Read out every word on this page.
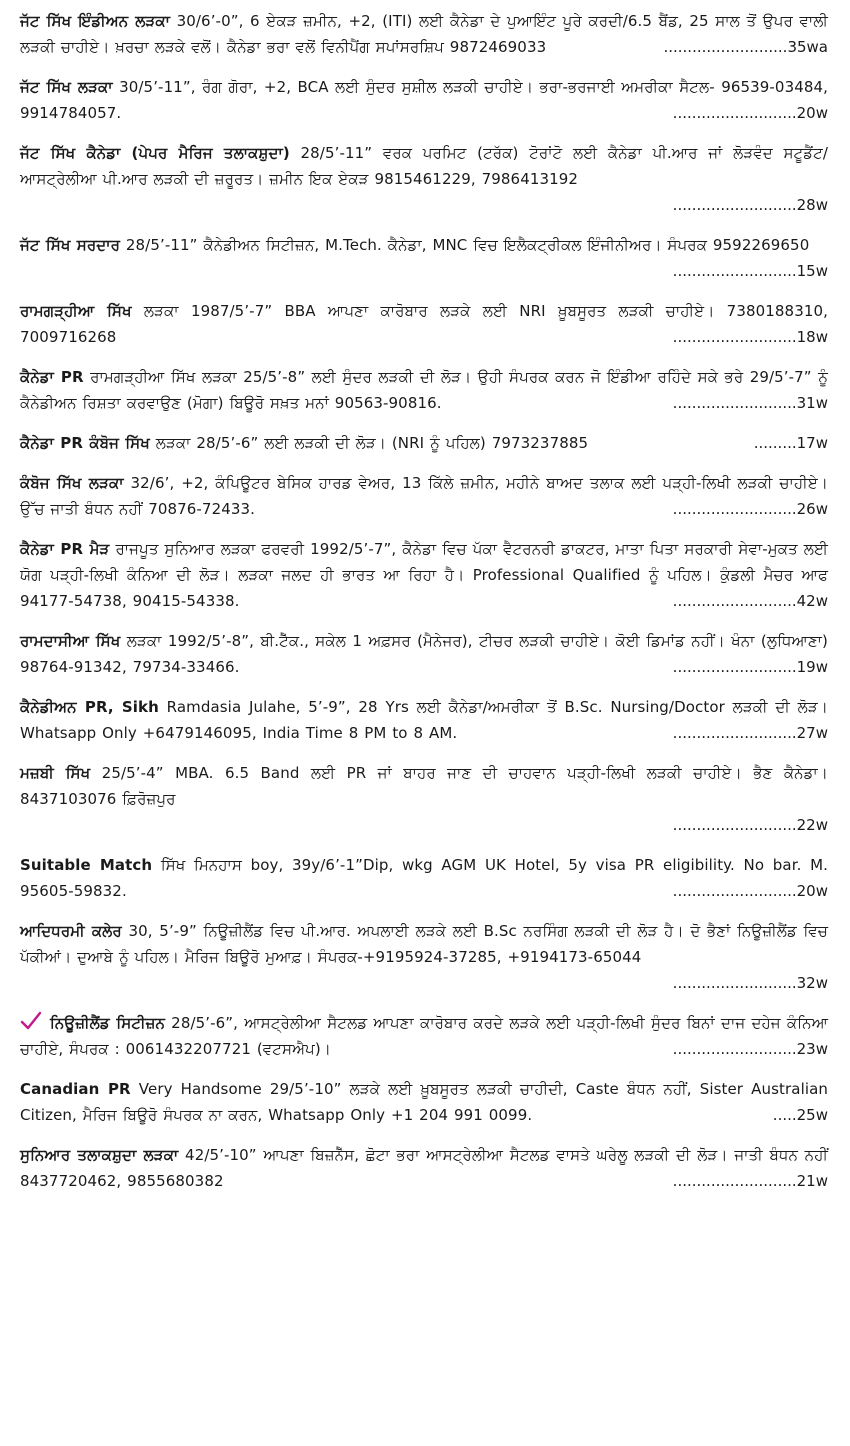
ਜੱਟ ਸਿੱਖ ਇੰਡੀਅਨ ਲੜਕਾ 30/6’-0”, 6 ਏਕੜ ਜ਼ਮੀਨ, +2, (ITI) ਲਈ ਕੈਨੇਡਾ ਦੇ ਪੁਆਇੰਟ ਪੂਰੇ ਕਰਦੀ/6.5 ਬੈਂਡ, 25 ਸਾਲ ਤੋਂ ਉਪਰ ਵਾਲੀ ਲੜਕੀ ਚਾਹੀਏ। ਖ਼ਰਚਾ ਲੜਕੇ ਵਲੋਂ। ਕੈਨੇਡਾ ਭਰਾ ਵਲੋਂ ਵਿਨੀਪੈਂਗ ਸਪਾਂਸਰਸ਼ਿਪ 9872469033	..........................35wa
ਜੱਟ ਸਿੱਖ ਲੜਕਾ 30/5’-11”, ਰੰਗ ਗੋਰਾ, +2, BCA ਲਈ ਸੁੰਦਰ ਸੁਸ਼ੀਲ ਲੜਕੀ ਚਾਹੀਏ। ਭਰਾ-ਭਰਜਾਈ ਅਮਰੀਕਾ ਸੈਟਲ- 96539-03484, 9914784057.	..........................20w
ਜੱਟ ਸਿੱਖ ਕੈਨੇਡਾ (ਪੇਪਰ ਮੈਰਿਜ ਤਲਾਕਸ਼ੁਦਾ) 28/5’-11” ਵਰਕ ਪਰਮਿਟ (ਟਰੱਕ) ਟੋਰਾਂਟੋ ਲਈ ਕੈਨੇਡਾ ਪੀ.ਆਰ ਜਾਂ ਲੋੜਵੰਦ ਸਟੂਡੈਂਟ/ ਆਸਟ੍ਰੇਲੀਆ ਪੀ.ਆਰ ਲੜਕੀ ਦੀ ਜ਼ਰੂਰਤ। ਜ਼ਮੀਨ ਇਕ ਏਕੜ 9815461229, 7986413192
..........................28w
ਜੱਟ ਸਿੱਖ ਸਰਦਾਰ 28/5’-11” ਕੈਨੇਡੀਅਨ ਸਿਟੀਜ਼ਨ, M.Tech. ਕੈਨੇਡਾ, MNC ਵਿਚ ਇਲੈਕਟ੍ਰੀਕਲ ਇੰਜੀਨੀਅਰ। ਸੰਪਰਕ 9592269650
..........................15w
ਰਾਮਗੜ੍ਹੀਆ ਸਿੱਖ ਲੜਕਾ 1987/5’-7” BBA ਆਪਣਾ ਕਾਰੋਬਾਰ ਲੜਕੇ ਲਈ NRI ਖ਼ੂਬਸੂਰਤ ਲੜਕੀ ਚਾਹੀਏ। 7380188310, 7009716268	..........................18w
ਕੈਨੇਡਾ PR ਰਾਮਗੜ੍ਹੀਆ ਸਿੱਖ ਲੜਕਾ 25/5’-8” ਲਈ ਸੁੰਦਰ ਲੜਕੀ ਦੀ ਲੋੜ। ਉਹੀ ਸੰਪਰਕ ਕਰਨ ਜੋ ਇੰਡੀਆ ਰਹਿੰਦੇ ਸਕੇ ਭਰੇ 29/5’-7” ਨੂੰ ਕੈਨੇਡੀਅਨ ਰਿਸ਼ਤਾ ਕਰਵਾਉਣ (ਮੋਗਾ) ਬਿਊਰੋ ਸਖ਼ਤ ਮਨਾਂ 90563-90816.	..........................31w
ਕੈਨੇਡਾ PR ਕੰਬੋਜ ਸਿੱਖ ਲੜਕਾ 28/5’-6” ਲਈ ਲੜਕੀ ਦੀ ਲੋੜ। (NRI ਨੂੰ ਪਹਿਲ) 7973237885	.........17w
ਕੰਬੋਜ ਸਿੱਖ ਲੜਕਾ 32/6’, +2, ਕੰਪਿਊਟਰ ਬੇਸਿਕ ਹਾਰਡ ਵੇਅਰ, 13 ਕਿੱਲੇ ਜ਼ਮੀਨ, ਮਹੀਨੇ ਬਾਅਦ ਤਲਾਕ ਲਈ ਪੜ੍ਹੀ-ਲਿਖੀ ਲੜਕੀ ਚਾਹੀਏ। ਉੱਚ ਜਾਤੀ ਬੰਧਨ ਨਹੀਂ 70876-72433.	..........................26w
ਕੈਨੇਡਾ PR ਮੈੜ ਰਾਜਪੂਤ ਸੁਨਿਆਰ ਲੜਕਾ ਫਰਵਰੀ 1992/5’-7”, ਕੈਨੇਡਾ ਵਿਚ ਪੱਕਾ ਵੈਟਰਨਰੀ ਡਾਕਟਰ, ਮਾਤਾ ਪਿਤਾ ਸਰਕਾਰੀ ਸੇਵਾ-ਮੁਕਤ ਲਈ ਯੋਗ ਪੜ੍ਹੀ-ਲਿਖੀ ਕੰਨਿਆ ਦੀ ਲੋੜ। ਲੜਕਾ ਜਲਦ ਹੀ ਭਾਰਤ ਆ ਰਿਹਾ ਹੈ। Professional Qualified ਨੂੰ ਪਹਿਲ। ਕੁੰਡਲੀ ਮੈਚਰ ਆਫ 94177-54738, 90415-54338.	..........................42w
ਰਾਮਦਾਸੀਆ ਸਿੱਖ ਲੜਕਾ 1992/5’-8”, ਬੀ.ਟੈੱਕ., ਸਕੇਲ 1 ਅਫ਼ਸਰ (ਮੈਨੇਜਰ), ਟੀਚਰ ਲੜਕੀ ਚਾਹੀਏ। ਕੋਈ ਡਿਮਾਂਡ ਨਹੀਂ। ਖੰਨਾ (ਲੁਧਿਆਣਾ) 98764-91342, 79734-33466.	..........................19w
ਕੈਨੇਡੀਅਨ PR, Sikh Ramdasia Julahe, 5’-9”, 28 Yrs ਲਈ ਕੈਨੇਡਾ/ਅਮਰੀਕਾ ਤੋਂ B.Sc. Nursing/Doctor ਲੜਕੀ ਦੀ ਲੋੜ। Whatsapp Only +6479146095, India Time 8 PM to 8 AM.	..........................27w
ਮਜ਼ਬੀ ਸਿੱਖ 25/5’-4” MBA. 6.5 Band ਲਈ PR ਜਾਂ ਬਾਹਰ ਜਾਣ ਦੀ ਚਾਹਵਾਨ ਪੜ੍ਹੀ-ਲਿਖੀ ਲੜਕੀ ਚਾਹੀਏ। ਭੈਣ ਕੈਨੇਡਾ। 8437103076 ਫ਼ਿਰੋਜ਼ਪੁਰ
..........................22w
Suitable Match ਸਿੱਖ ਮਿਨਹਾਸ boy, 39y/6’-1”Dip, wkg AGM UK Hotel, 5y visa PR eligibility. No bar. M. 95605-59832.	..........................20w
ਆਦਿਧਰਮੀ ਕਲੇਰ 30, 5’-9” ਨਿਊਜ਼ੀਲੈਂਡ ਵਿਚ ਪੀ.ਆਰ. ਅਪਲਾਈ ਲੜਕੇ ਲਈ B.Sc ਨਰਸਿੰਗ ਲੜਕੀ ਦੀ ਲੋੜ ਹੈ। ਦੋ ਭੈਣਾਂ ਨਿਊਜ਼ੀਲੈਂਡ ਵਿਚ ਪੱਕੀਆਂ। ਦੁਆਬੇ ਨੂੰ ਪਹਿਲ। ਮੈਰਿਜ ਬਿਊਰੋ ਮੁਆਫ਼। ਸੰਪਰਕ-+9195924-37285, +9194173-65044
..........................32w
ਨਿਊਜ਼ੀਲੈਂਡ ਸਿਟੀਜ਼ਨ 28/5’-6”, ਆਸਟ੍ਰੇਲੀਆ ਸੈਟਲਡ ਆਪਣਾ ਕਾਰੋਬਾਰ ਕਰਦੇ ਲੜਕੇ ਲਈ ਪੜ੍ਹੀ-ਲਿਖੀ ਸੁੰਦਰ ਬਿਨਾਂ ਦਾਜ ਦਹੇਜ ਕੰਨਿਆ ਚਾਹੀਏ, ਸੰਪਰਕ : 0061432207721 (ਵਟਸਐਪ)।	..........................23w
Canadian PR Very Handsome 29/5’-10” ਲੜਕੇ ਲਈ ਖ਼ੂਬਸੂਰਤ ਲੜਕੀ ਚਾਹੀਦੀ, Caste ਬੰਧਨ ਨਹੀਂ, Sister Australian Citizen, ਮੈਰਿਜ ਬਿਊਰੋ ਸੰਪਰਕ ਨਾ ਕਰਨ, Whatsapp Only +1 204 991 0099.	.....25w
ਸੁਨਿਆਰ ਤਲਾਕਸ਼ੁਦਾ ਲੜਕਾ 42/5’-10” ਆਪਣਾ ਬਿਜ਼ਨੈੱਸ, ਛੋਟਾ ਭਰਾ ਆਸਟ੍ਰੇਲੀਆ ਸੈਟਲਡ ਵਾਸਤੇ ਘਰੇਲੂ ਲੜਕੀ ਦੀ ਲੋੜ। ਜਾਤੀ ਬੰਧਨ ਨਹੀਂ 8437720462, 9855680382	..........................21w
